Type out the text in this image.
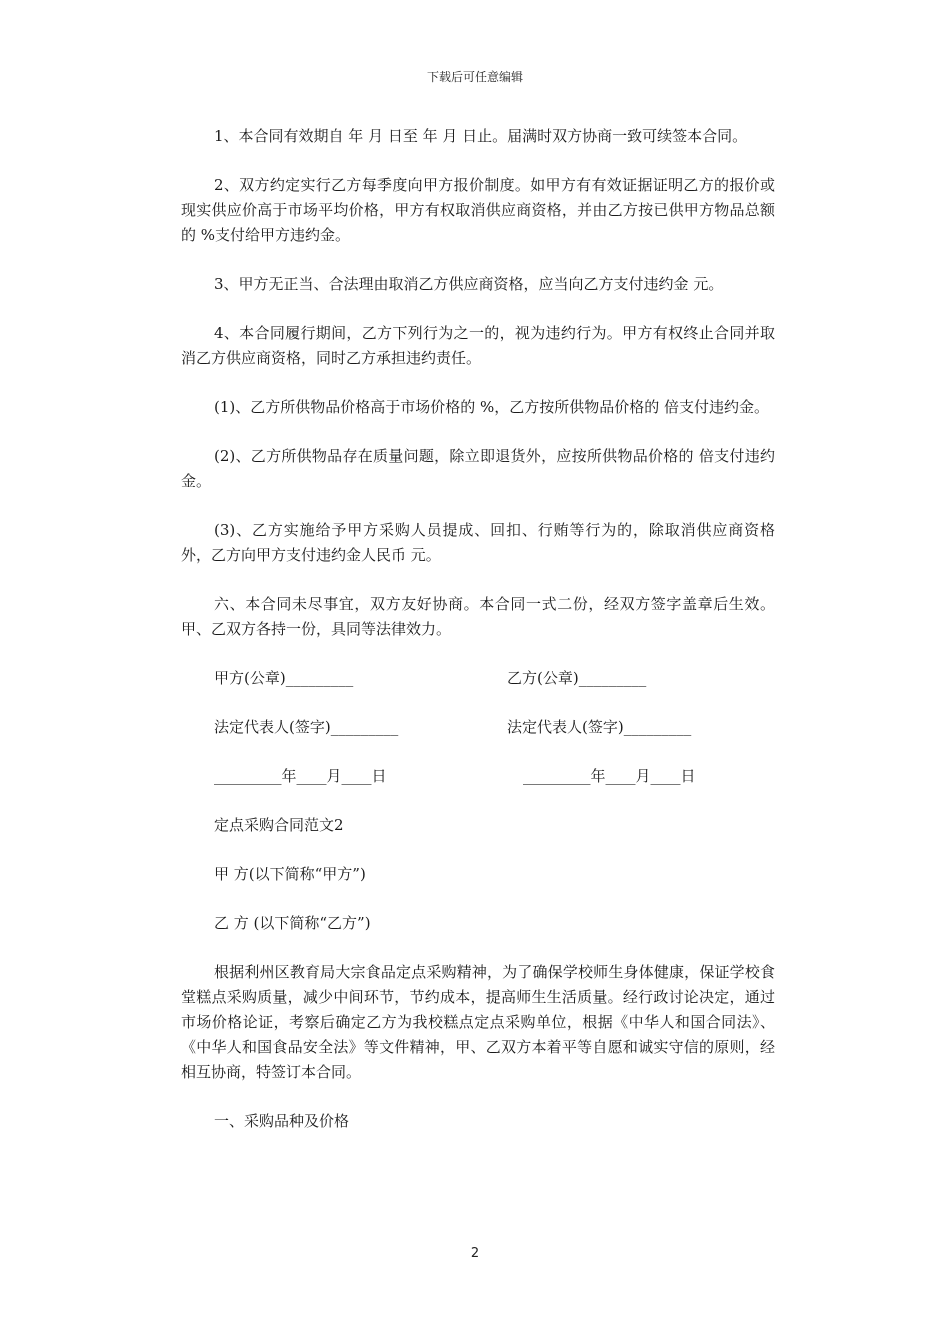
下载后可任意编辑

1、本合同有效期自 年 月 日至 年 月 日止。届满时双方协商一致可续签本合同。

2、双方约定实行乙方每季度向甲方报价制度。如甲方有有效证据证明乙方的报价或现实供应价高于市场平均价格，甲方有权取消供应商资格，并由乙方按已供甲方物品总额的 %支付给甲方违约金。

3、甲方无正当、合法理由取消乙方供应商资格，应当向乙方支付违约金 元。

4、本合同履行期间，乙方下列行为之一的，视为违约行为。甲方有权终止合同并取消乙方供应商资格，同时乙方承担违约责任。

(1)、乙方所供物品价格高于市场价格的 %，乙方按所供物品价格的 倍支付违约金。

(2)、乙方所供物品存在质量问题，除立即退货外，应按所供物品价格的 倍支付违约金。

(3)、乙方实施给予甲方采购人员提成、回扣、行贿等行为的，除取消供应商资格外，乙方向甲方支付违约金人民币 元。

六、本合同未尽事宜，双方友好协商。本合同一式二份，经双方签字盖章后生效。甲、乙双方各持一份，具同等法律效力。

甲方(公章)_________	乙方(公章)_________
法定代表人(签字)_________	法定代表人(签字)_________
_________年____月____日	_________年____月____日

定点采购合同范文2

甲 方(以下简称“甲方”)

乙 方 (以下简称“乙方”)

根据利州区教育局大宗食品定点采购精神，为了确保学校师生身体健康，保证学校食堂糕点采购质量，减少中间环节，节约成本，提高师生生活质量。经行政讨论决定，通过市场价格论证，考察后确定乙方为我校糕点定点采购单位，根据《中华人和国合同法》、《中华人和国食品安全法》等文件精神，甲、乙双方本着平等自愿和诚实守信的原则，经相互协商，特签订本合同。

一、采购品种及价格

2
